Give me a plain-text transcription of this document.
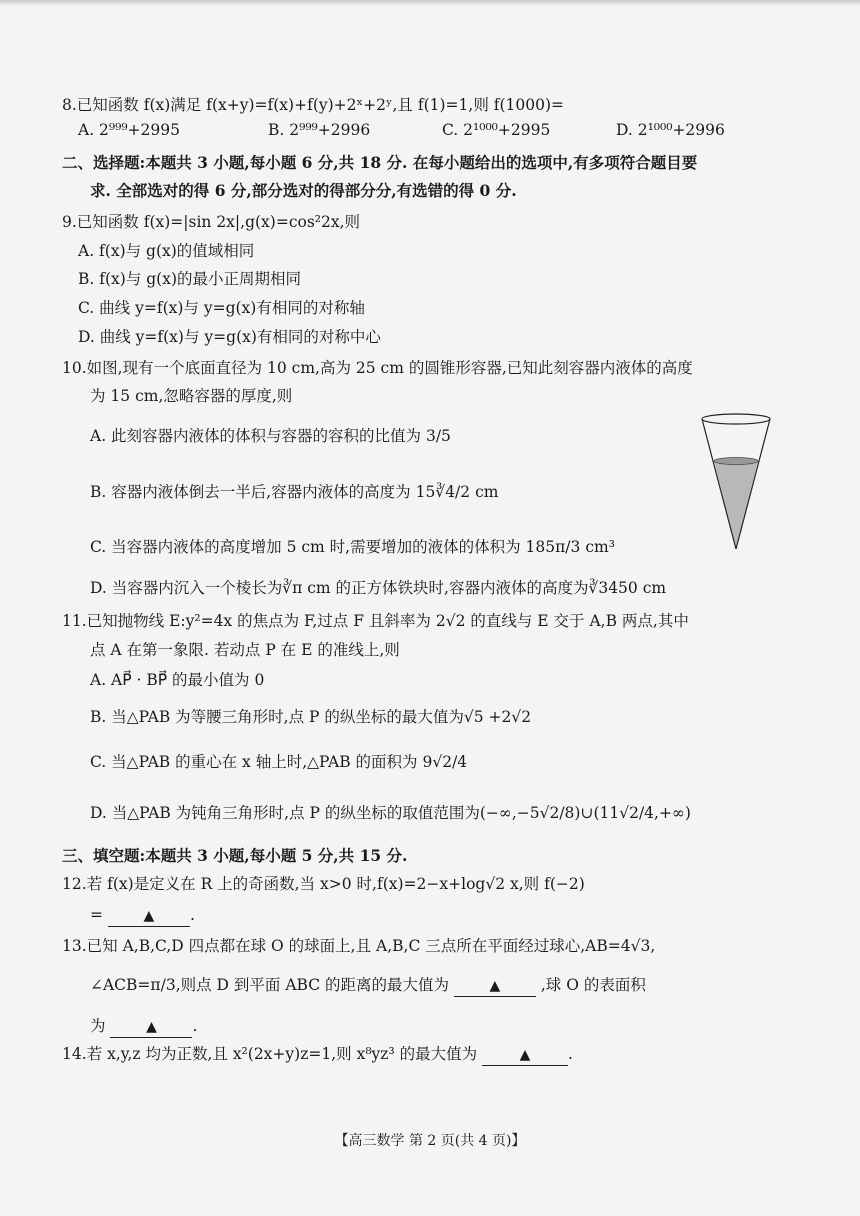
8.已知函数 f(x)满足 f(x+y)=f(x)+f(y)+2ˣ+2ʸ,且 f(1)=1,则 f(1000)=
A. 2⁹⁹⁹+2995	B. 2⁹⁹⁹+2996	C. 2¹⁰⁰⁰+2995	D. 2¹⁰⁰⁰+2996
二、选择题:本题共 3 小题,每小题 6 分,共 18 分. 在每小题给出的选项中,有多项符合题目要
求. 全部选对的得 6 分,部分选对的得部分分,有选错的得 0 分.
9.已知函数 f(x)=|sin 2x|,g(x)=cos²2x,则
A. f(x)与 g(x)的值域相同
B. f(x)与 g(x)的最小正周期相同
C. 曲线 y=f(x)与 y=g(x)有相同的对称轴
D. 曲线 y=f(x)与 y=g(x)有相同的对称中心
10.如图,现有一个底面直径为 10 cm,高为 25 cm 的圆锥形容器,已知此刻容器内液体的高度
为 15 cm,忽略容器的厚度,则
A. 此刻容器内液体的体积与容器的容积的比值为 3/5
B. 容器内液体倒去一半后,容器内液体的高度为 15∛4/2 cm
C. 当容器内液体的高度增加 5 cm 时,需要增加的液体的体积为 185π/3 cm³
D. 当容器内沉入一个棱长为∛π cm 的正方体铁块时,容器内液体的高度为∛3450 cm
11.已知抛物线 E:y²=4x 的焦点为 F,过点 F 且斜率为 2√2 的直线与 E 交于 A,B 两点,其中
点 A 在第一象限. 若动点 P 在 E 的准线上,则
A. AP⃗ · BP⃗ 的最小值为 0
B. 当△PAB 为等腰三角形时,点 P 的纵坐标的最大值为√5 +2√2
C. 当△PAB 的重心在 x 轴上时,△PAB 的面积为 9√2/4
D. 当△PAB 为钝角三角形时,点 P 的纵坐标的取值范围为(−∞,−5√2/8)∪(11√2/4,+∞)
三、填空题:本题共 3 小题,每小题 5 分,共 15 分.
12.若 f(x)是定义在 R 上的奇函数,当 x>0 时,f(x)=2−x+log√2 x,则 f(−2)
=	▲ .
13.已知 A,B,C,D 四点都在球 O 的球面上,且 A,B,C 三点所在平面经过球心,AB=4√3,
∠ACB=π/3,则点 D 到平面 ABC 的距离的最大值为	▲	,球 O 的表面积
为	▲ .
14.若 x,y,z 均为正数,且 x²(2x+y)z=1,则 x⁸yz³ 的最大值为	▲ .
【高三数学 第 2 页(共 4 页)】
